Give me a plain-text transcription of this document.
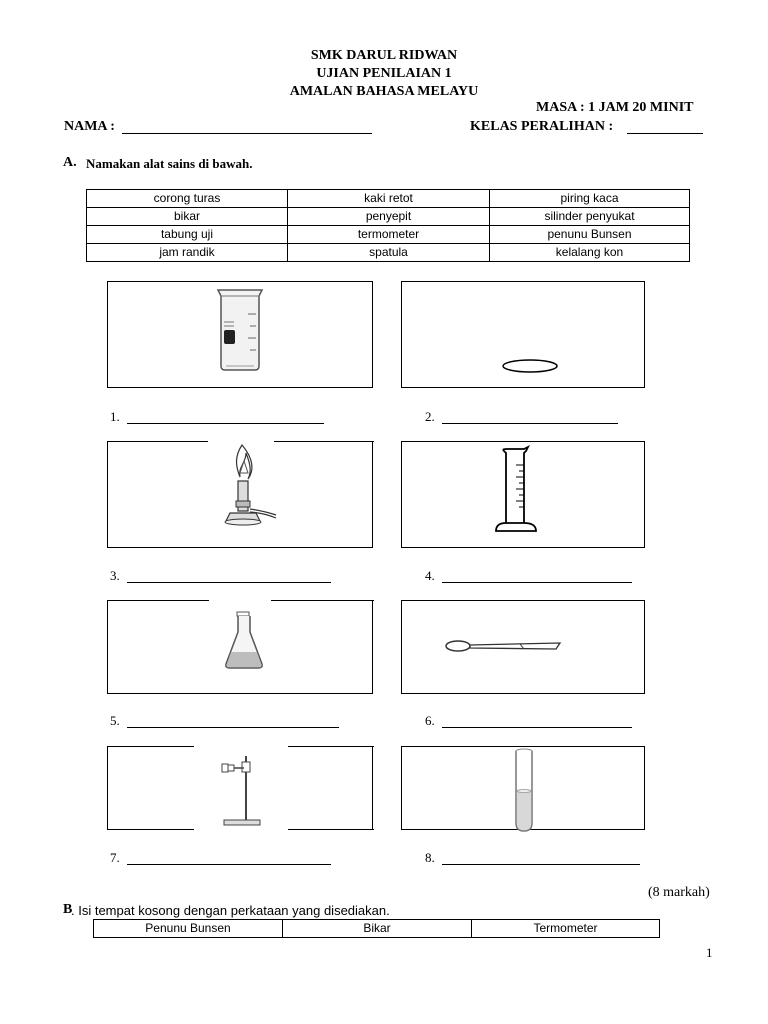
SMK DARUL RIDWAN
UJIAN PENILAIAN 1
AMALAN BAHASA MELAYU
MASA : 1 JAM 20 MINIT
NAMA :	KELAS PERALIHAN :
A. Namakan alat sains di bawah.
corong turas	kaki retot	piring kaca
bikar	penyepit	silinder penyukat
tabung uji	termometer	penunu Bunsen
jam randik	spatula	kelalang kon
1.	2.
3.	4.
5.	6.
7.	8.
(8 markah)
B
. Isi tempat kosong dengan perkataan yang disediakan.
Penunu Bunsen	Bikar	Termometer
1
